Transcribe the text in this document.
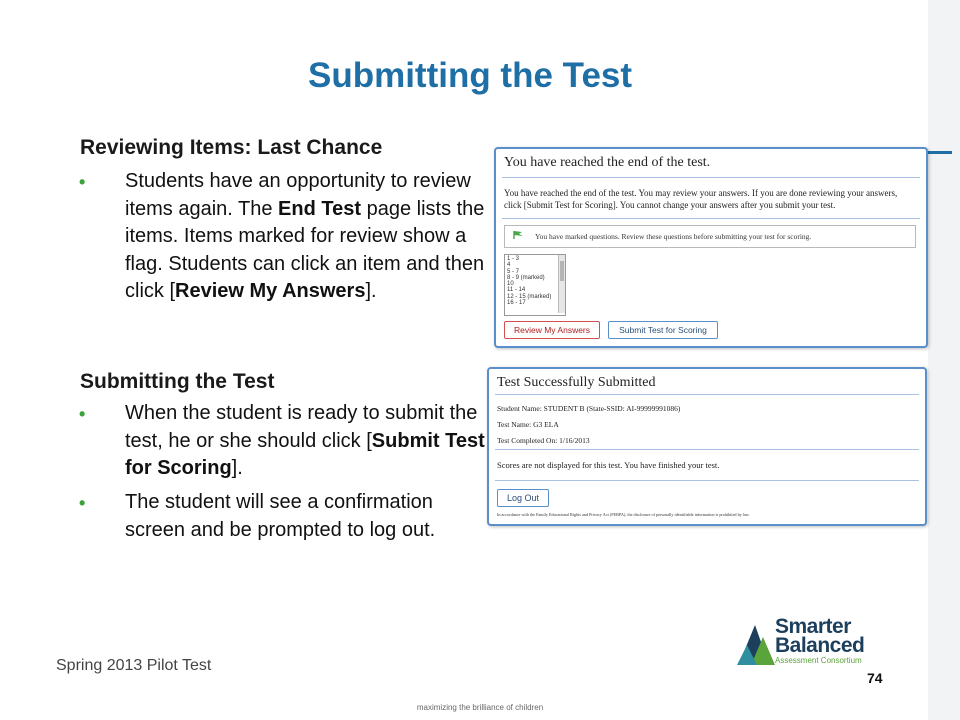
Submitting the Test
Reviewing Items: Last Chance
• Students have an opportunity to review items again. The End Test page lists the items. Items marked for review show a flag. Students can click an item and then click [Review My Answers].
Submitting the Test
• When the student is ready to submit the test, he or she should click [Submit Test for Scoring].
• The student will see a confirmation screen and be prompted to log out.
You have reached the end of the test.
You have reached the end of the test. You may review your answers. If you are done reviewing your answers, click [Submit Test for Scoring]. You cannot change your answers after you submit your test.
You have marked questions. Review these questions before submitting your test for scoring.
1 - 3
4
5 - 7
8 - 9 (marked)
10
11 - 14
12 - 15 (marked)
16 - 17
Review My Answers	Submit Test for Scoring
Test Successfully Submitted
Student Name: STUDENT B (State-SSID: AI-99999991086)
Test Name: G3 ELA
Test Completed On: 1/16/2013
Scores are not displayed for this test. You have finished your test.
Log Out
In accordance with the Family Educational Rights and Privacy Act (FERPA), the disclosure of personally identifiable information is prohibited by law.
Spring 2013 Pilot Test
74
maximizing the brilliance of children
Smarter
Balanced
Assessment Consortium
